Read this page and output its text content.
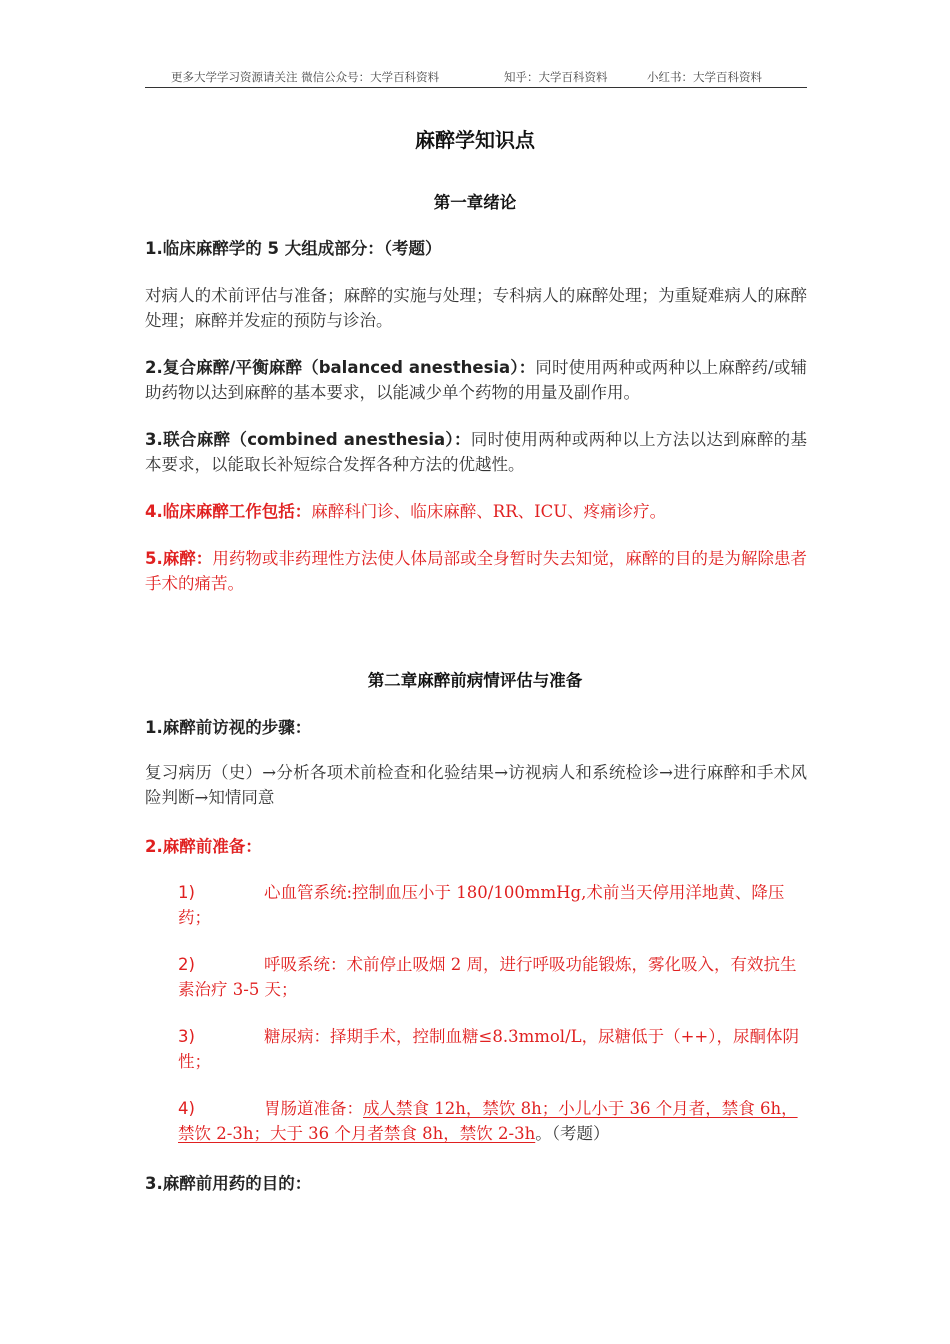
更多大学学习资源请关注 微信公众号：大学百科资料	知乎：大学百科资料	小红书：大学百科资料
麻醉学知识点
第一章绪论
1.临床麻醉学的 5 大组成部分：（考题）
对病人的术前评估与准备；麻醉的实施与处理；专科病人的麻醉处理；为重疑难病人的麻醉处理；麻醉并发症的预防与诊治。
2.复合麻醉/平衡麻醉（balanced anesthesia）：同时使用两种或两种以上麻醉药/或辅助药物以达到麻醉的基本要求，以能减少单个药物的用量及副作用。
3.联合麻醉（combined anesthesia）：同时使用两种或两种以上方法以达到麻醉的基本要求，以能取长补短综合发挥各种方法的优越性。
4.临床麻醉工作包括：麻醉科门诊、临床麻醉、RR、ICU、疼痛诊疗。
5.麻醉：用药物或非药理性方法使人体局部或全身暂时失去知觉，麻醉的目的是为解除患者手术的痛苦。
第二章麻醉前病情评估与准备
1.麻醉前访视的步骤：
复习病历（史）→分析各项术前检查和化验结果→访视病人和系统检诊→进行麻醉和手术风险判断→知情同意
2.麻醉前准备：
1)	心血管系统:控制血压小于 180/100mmHg,术前当天停用洋地黄、降压药；
2)	呼吸系统：术前停止吸烟 2 周，进行呼吸功能锻炼，雾化吸入，有效抗生素治疗 3-5 天；
3)	糖尿病：择期手术，控制血糖≤8.3mmol/L，尿糖低于（++），尿酮体阴性；
4)	胃肠道准备：成人禁食 12h，禁饮 8h；小儿小于 36 个月者，禁食 6h，禁饮 2-3h；大于 36 个月者禁食 8h，禁饮 2-3h。（考题）
3.麻醉前用药的目的：
